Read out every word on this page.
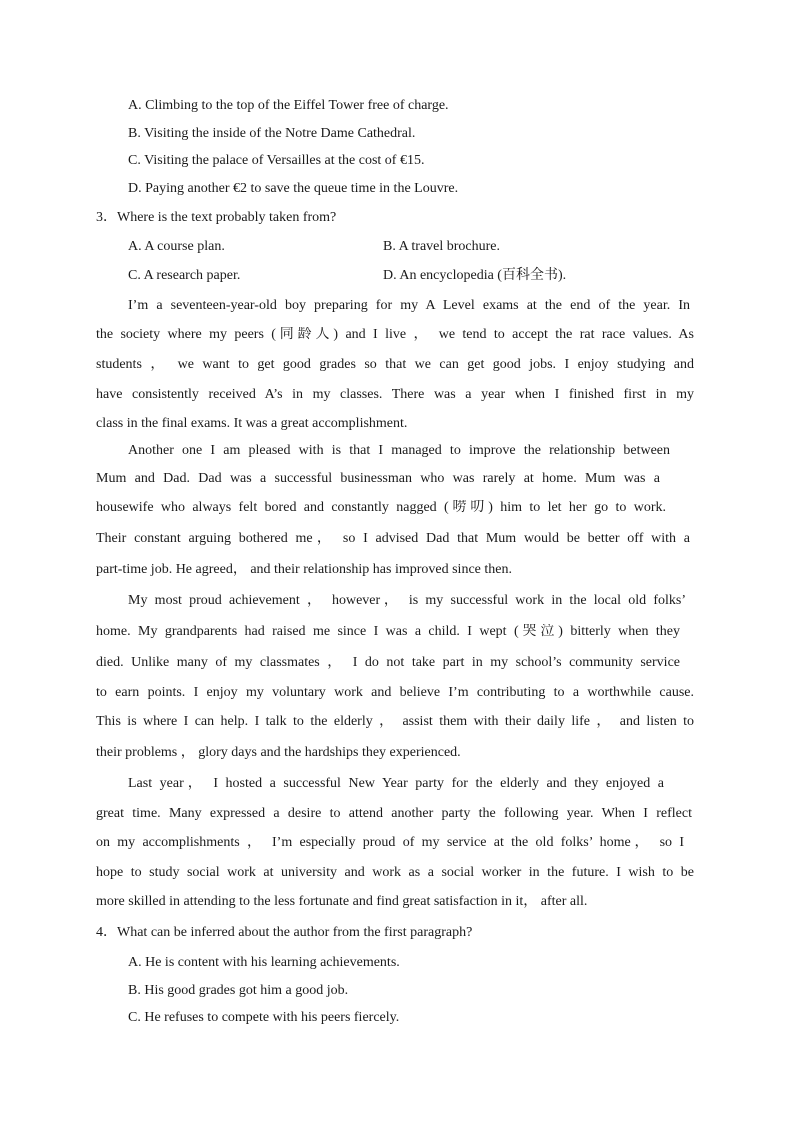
A. Climbing to the top of the Eiffel Tower free of charge.
B. Visiting the inside of the Notre Dame Cathedral.
C. Visiting the palace of Versailles at the cost of €15.
D. Paying another €2 to save the queue time in the Louvre.
3．Where is the text probably taken from?
A. A course plan.	B. A travel brochure.
C. A research paper.	D. An encyclopedia (百科全书).
I’m a seventeen-year-old boy preparing for my A Level exams at the end of the year. In
the society where my peers (同龄人) and I live ， we tend to accept the rat race values. As
students ， we want to get good grades so that we can get good jobs. I enjoy studying and
have consistently received A’s in my classes. There was a year when I finished first in my
class in the final exams. It was a great accomplishment.
Another one I am pleased with is that I managed to improve the relationship between
Mum and Dad. Dad was a successful businessman who was rarely at home. Mum was a
housewife who always felt bored and constantly nagged (唠叨) him to let her go to work.
Their constant arguing bothered me， so I advised Dad that Mum would be better off with a
part-time job. He agreed， and their relationship has improved since then.
My most proud achievement ， however， is my successful work in the local old folks’
home. My grandparents had raised me since I was a child. I wept (哭泣) bitterly when they
died. Unlike many of my classmates ， I do not take part in my school’s community service
to earn points. I enjoy my voluntary work and believe I’m contributing to a worthwhile cause.
This is where I can help. I talk to the elderly ， assist them with their daily life ， and listen to
their problems ， glory days and the hardships they experienced.
Last year， I hosted a successful New Year party for the elderly and they enjoyed a
great time. Many expressed a desire to attend another party the following year. When I reflect
on my accomplishments ， I’m especially proud of my service at the old folks’ home， so I
hope to study social work at university and work as a social worker in the future. I wish to be
more skilled in attending to the less fortunate and find great satisfaction in it， after all.
4．What can be inferred about the author from the first paragraph?
A. He is content with his learning achievements.
B. His good grades got him a good job.
C. He refuses to compete with his peers fiercely.
